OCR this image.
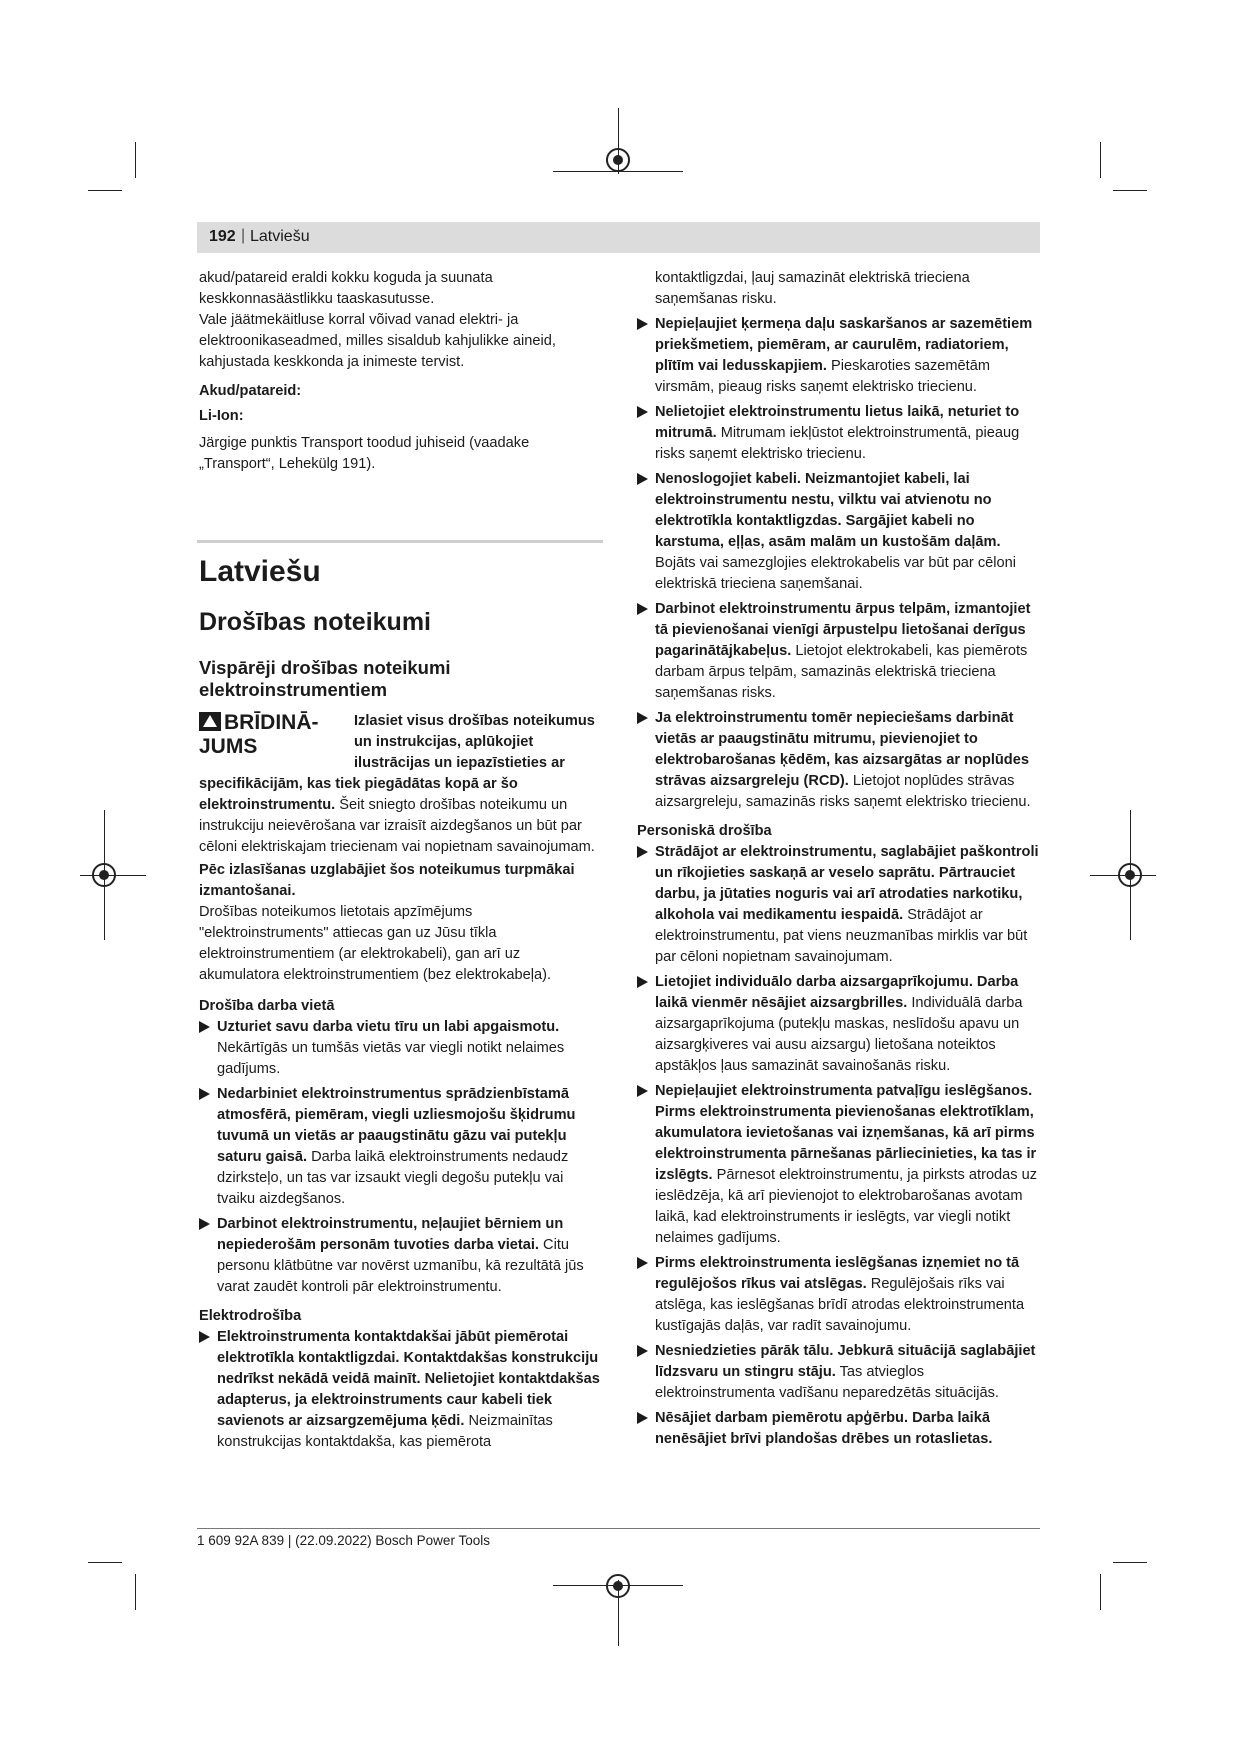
192 | Latviešu

akud/patareid eraldi kokku koguda ja suunata keskkonnasäästlikku taaskasutusse.

Vale jäätmekäitluse korral võivad vanad elektri- ja elektroonikaseadmed, milles sisaldub kahjulikke aineid, kahjustada keskkonda ja inimeste tervist.

Akud/patareid:

Li-Ion:

Järgige punktis Transport toodud juhiseid (vaadake „Transport“, Lehekülg 191).

Latviešu

Drošības noteikumi

Vispārēji drošības noteikumi elektroinstrumentiem

BRĪDINĀ-
JUMS

Izlasiet visus drošības noteikumus un instrukcijas, aplūkojiet ilustrācijas un iepazīstieties ar specifikācijām, kas tiek piegādātas kopā ar šo elektroinstrumentu. Šeit sniegto drošības noteikumu un instrukciju neievērošana var izraisīt aizdegšanos un būt par cēloni elektriskajam triecienam vai nopietnam savainojumam.

Pēc izlasīšanas uzglabājiet šos noteikumus turpmākai izmantošanai.

Drošības noteikumos lietotais apzīmējums "elektroinstruments" attiecas gan uz Jūsu tīkla elektroinstrumentiem (ar elektrokabeli), gan arī uz akumulatora elektroinstrumentiem (bez elektrokabeļa).

Drošība darba vietā

Uzturiet savu darba vietu tīru un labi apgaismotu. Nekārtīgās un tumšās vietās var viegli notikt nelaimes gadījums.
Nedarbiniet elektroinstrumentus sprādzienbīstamā atmosfērā, piemēram, viegli uzliesmojošu šķidrumu tuvumā un vietās ar paaugstinātu gāzu vai putekļu saturu gaisā. Darba laikā elektroinstruments nedaudz dzirksteļo, un tas var izsaukt viegli degošu putekļu vai tvaiku aizdegšanos.
Darbinot elektroinstrumentu, neļaujiet bērniem un nepiederošām personām tuvoties darba vietai. Citu personu klātbūtne var novērst uzmanību, kā rezultātā jūs varat zaudēt kontroli pār elektroinstrumentu.

Elektrodrošība

Elektroinstrumenta kontaktdakšai jābūt piemērotai elektrotīkla kontaktligzdai. Kontaktdakšas konstrukciju nedrīkst nekādā veidā mainīt. Nelietojiet kontaktdakšas adapterus, ja elektroinstruments caur kabeli tiek savienots ar aizsargzemējuma ķēdi. Neizmainītas konstrukcijas kontaktdakša, kas piemērota

kontaktligzdai, ļauj samazināt elektriskā trieciena saņemšanas risku.

Nepieļaujiet ķermeņa daļu saskaršanos ar sazemētiem priekšmetiem, piemēram, ar caurulēm, radiatoriem, plītīm vai ledusskapjiem. Pieskaroties sazemētām virsmām, pieaug risks saņemt elektrisko triecienu.
Nelietojiet elektroinstrumentu lietus laikā, neturiet to mitrumā. Mitrumam iekļūstot elektroinstrumentā, pieaug risks saņemt elektrisko triecienu.
Nenoslogojiet kabeli. Neizmantojiet kabeli, lai elektroinstrumentu nestu, vilktu vai atvienotu no elektrotīkla kontaktligzdas. Sargājiet kabeli no karstuma, eļļas, asām malām un kustošām daļām. Bojāts vai samezglojies elektrokabelis var būt par cēloni elektriskā trieciena saņemšanai.
Darbinot elektroinstrumentu ārpus telpām, izmantojiet tā pievienošanai vienīgi ārpustelpu lietošanai derīgus pagarinātājkabeļus. Lietojot elektrokabeli, kas piemērots darbam ārpus telpām, samazinās elektriskā trieciena saņemšanas risks.
Ja elektroinstrumentu tomēr nepieciešams darbināt vietās ar paaugstinātu mitrumu, pievienojiet to elektrobarošanas ķēdēm, kas aizsargātas ar noplūdes strāvas aizsargreleju (RCD). Lietojot noplūdes strāvas aizsargreleju, samazinās risks saņemt elektrisko triecienu.

Personiskā drošība

Strādājot ar elektroinstrumentu, saglabājiet paškontroli un rīkojieties saskaņā ar veselo saprātu. Pārtrauciet darbu, ja jūtaties noguris vai arī atrodaties narkotiku, alkohola vai medikamentu iespaidā. Strādājot ar elektroinstrumentu, pat viens neuzmanības mirklis var būt par cēloni nopietnam savainojumam.
Lietojiet individuālo darba aizsargaprīkojumu. Darba laikā vienmēr nēsājiet aizsargbrilles. Individuālā darba aizsargaprīkojuma (putekļu maskas, neslīdošu apavu un aizsargķiveres vai ausu aizsargu) lietošana noteiktos apstākļos ļaus samazināt savainošanās risku.
Nepieļaujiet elektroinstrumenta patvaļīgu ieslēgšanos. Pirms elektroinstrumenta pievienošanas elektrotīklam, akumulatora ievietošanas vai izņemšanas, kā arī pirms elektroinstrumenta pārnešanas pārliecinieties, ka tas ir izslēgts. Pārnesot elektroinstrumentu, ja pirksts atrodas uz ieslēdzēja, kā arī pievienojot to elektrobarošanas avotam laikā, kad elektroinstruments ir ieslēgts, var viegli notikt nelaimes gadījums.
Pirms elektroinstrumenta ieslēgšanas izņemiet no tā regulējošos rīkus vai atslēgas. Regulējošais rīks vai atslēga, kas ieslēgšanas brīdī atrodas elektroinstrumenta kustīgajās daļās, var radīt savainojumu.
Nesniedzieties pārāk tālu. Jebkurā situācijā saglabājiet līdzsvaru un stingru stāju. Tas atvieglos elektroinstrumenta vadīšanu neparedzētās situācijās.
Nēsājiet darbam piemērotu apģērbu. Darba laikā nenēsājiet brīvi plandošas drēbes un rotaslietas.
1 609 92A 839 | (22.09.2022) Bosch Power Tools
